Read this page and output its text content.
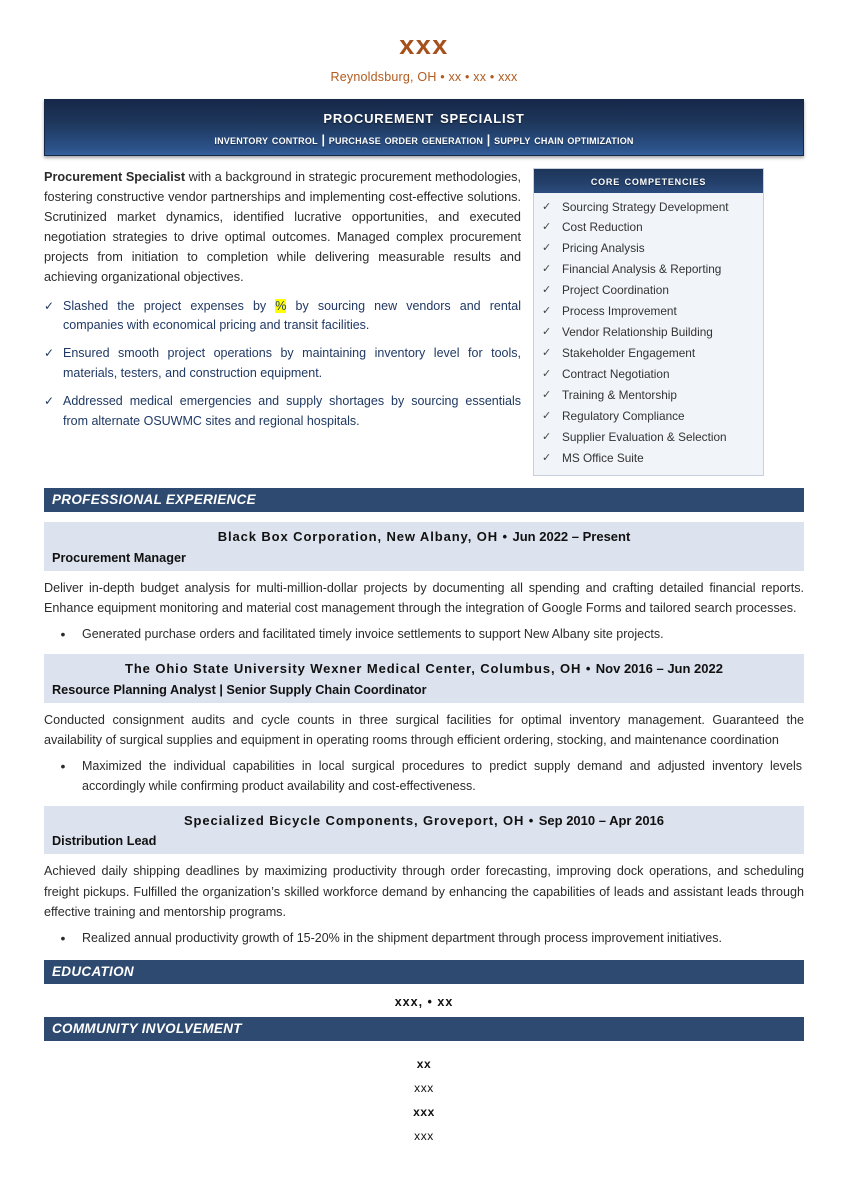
xxx
Reynoldsburg, OH • xx • xx • xxx
procurement specialist
inventory control | purchase order generation | supply chain optimization
Procurement Specialist with a background in strategic procurement methodologies, fostering constructive vendor partnerships and implementing cost-effective solutions. Scrutinized market dynamics, identified lucrative opportunities, and executed negotiation strategies to drive optimal outcomes. Managed complex procurement projects from initiation to completion while delivering measurable results and achieving organizational objectives.
✓ Slashed the project expenses by % by sourcing new vendors and rental companies with economical pricing and transit facilities.
✓ Ensured smooth project operations by maintaining inventory level for tools, materials, testers, and construction equipment.
✓ Addressed medical emergencies and supply shortages by sourcing essentials from alternate OSUWMC sites and regional hospitals.
core competencies
✓ Sourcing Strategy Development
✓ Cost Reduction
✓ Pricing Analysis
✓ Financial Analysis & Reporting
✓ Project Coordination
✓ Process Improvement
✓ Vendor Relationship Building
✓ Stakeholder Engagement
✓ Contract Negotiation
✓ Training & Mentorship
✓ Regulatory Compliance
✓ Supplier Evaluation & Selection
✓ MS Office Suite
PROFESSIONAL EXPERIENCE
Black Box Corporation, New Albany, OH • Jun 2022 – Present
Procurement Manager
Deliver in-depth budget analysis for multi-million-dollar projects by documenting all spending and crafting detailed financial reports. Enhance equipment monitoring and material cost management through the integration of Google Forms and tailored search processes.
•	Generated purchase orders and facilitated timely invoice settlements to support New Albany site projects.
The Ohio State University Wexner Medical Center, Columbus, OH • Nov 2016 – Jun 2022
Resource Planning Analyst | Senior Supply Chain Coordinator
Conducted consignment audits and cycle counts in three surgical facilities for optimal inventory management. Guaranteed the availability of surgical supplies and equipment in operating rooms through efficient ordering, stocking, and maintenance coordination
•	Maximized the individual capabilities in local surgical procedures to predict supply demand and adjusted inventory levels accordingly while confirming product availability and cost-effectiveness.
Specialized Bicycle Components, Groveport, OH • Sep 2010 – Apr 2016
Distribution Lead
Achieved daily shipping deadlines by maximizing productivity through order forecasting, improving dock operations, and scheduling freight pickups. Fulfilled the organization’s skilled workforce demand by enhancing the capabilities of leads and assistant leads through effective training and mentorship programs.
•	Realized annual productivity growth of 15-20% in the shipment department through process improvement initiatives.
EDUCATION
xxx, • xx
COMMUNITY INVOLVEMENT
xx
xxx
xxx
xxx
